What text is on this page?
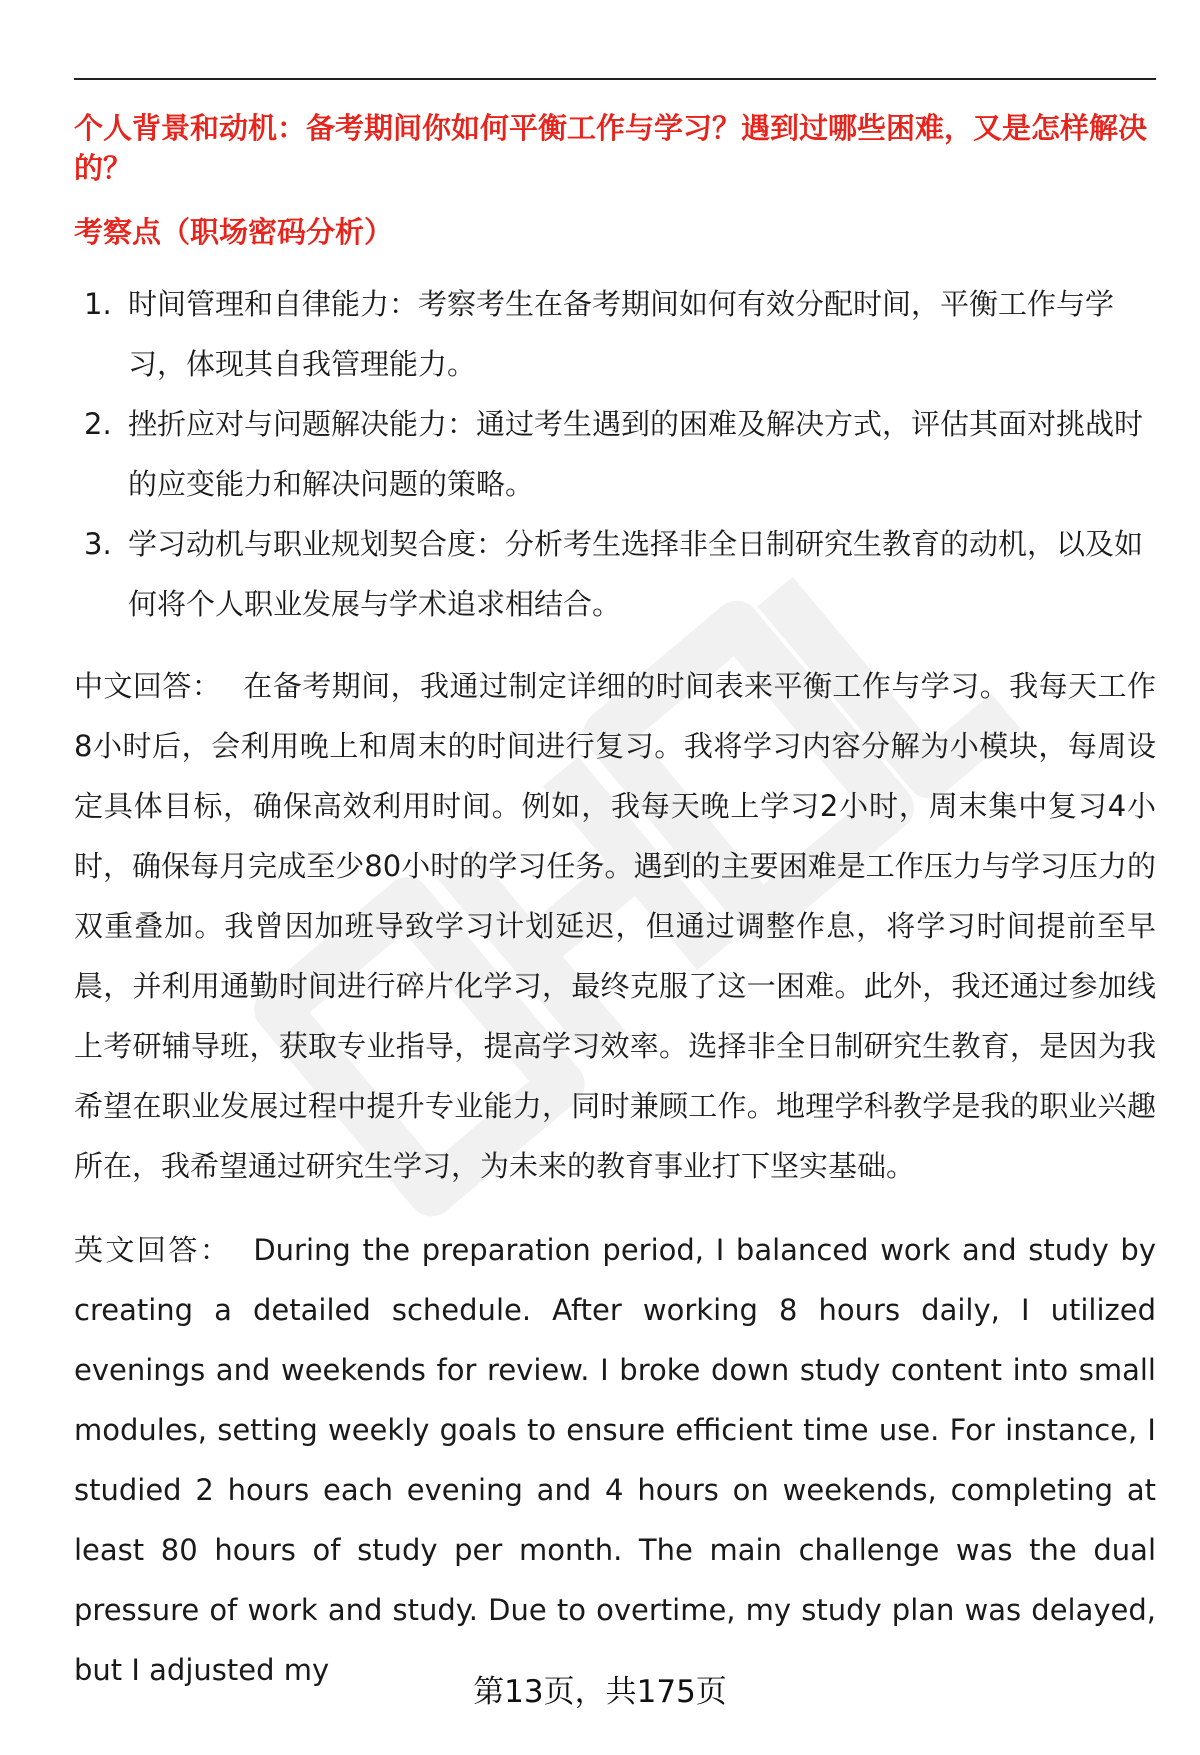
个人背景和动机：备考期间你如何平衡工作与学习？遇到过哪些困难，又是怎样解决的？

考察点（职场密码分析）

1. 时间管理和自律能力：考察考生在备考期间如何有效分配时间，平衡工作与学习，体现其自我管理能力。
2. 挫折应对与问题解决能力：通过考生遇到的困难及解决方式，评估其面对挑战时的应变能力和解决问题的策略。
3. 学习动机与职业规划契合度：分析考生选择非全日制研究生教育的动机，以及如何将个人职业发展与学术追求相结合。

中文回答： 在备考期间，我通过制定详细的时间表来平衡工作与学习。我每天工作8小时后，会利用晚上和周末的时间进行复习。我将学习内容分解为小模块，每周设定具体目标，确保高效利用时间。例如，我每天晚上学习2小时，周末集中复习4小时，确保每月完成至少80小时的学习任务。遇到的主要困难是工作压力与学习压力的双重叠加。我曾因加班导致学习计划延迟，但通过调整作息，将学习时间提前至早晨，并利用通勤时间进行碎片化学习，最终克服了这一困难。此外，我还通过参加线上考研辅导班，获取专业指导，提高学习效率。选择非全日制研究生教育，是因为我希望在职业发展过程中提升专业能力，同时兼顾工作。地理学科教学是我的职业兴趣所在，我希望通过研究生学习，为未来的教育事业打下坚实基础。

英文回答： During the preparation period, I balanced work and study by creating a detailed schedule. After working 8 hours daily, I utilized evenings and weekends for review. I broke down study content into small modules, setting weekly goals to ensure efficient time use. For instance, I studied 2 hours each evening and 4 hours on weekends, completing at least 80 hours of study per month. The main challenge was the dual pressure of work and study. Due to overtime, my study plan was delayed, but I adjusted my

第13页，共175页
